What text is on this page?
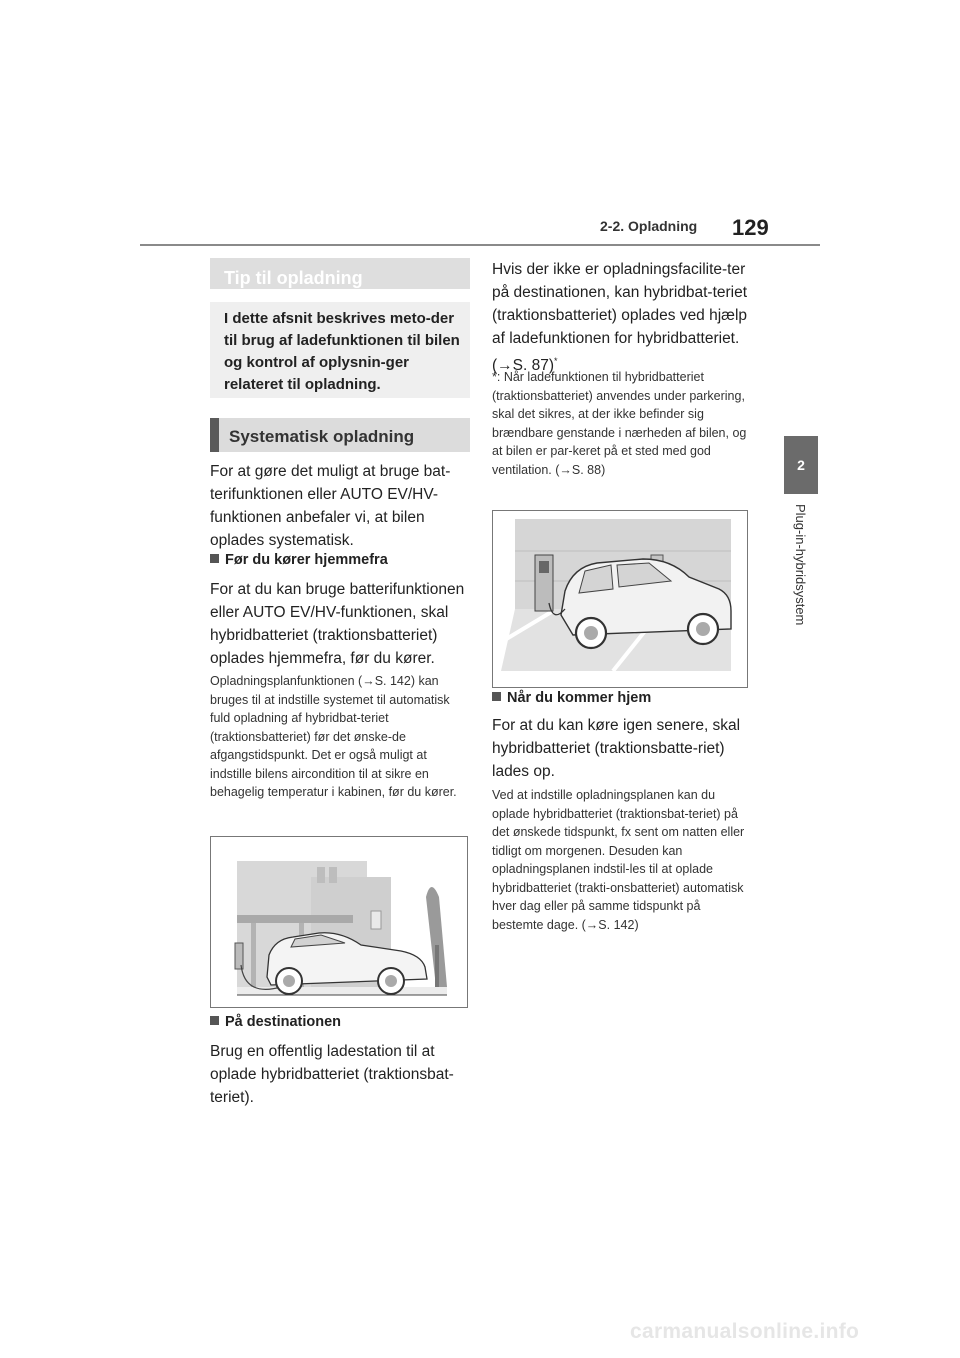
2-2. Opladning 129
2
Plug-in-hybridsystem
Tip til opladning
I dette afsnit beskrives meto-der til brug af ladefunktionen til bilen og kontrol af oplysnin-ger relateret til opladning.
Systematisk opladning
For at gøre det muligt at bruge bat-terifunktionen eller AUTO EV/HV-funktionen anbefaler vi, at bilen oplades systematisk.
Før du kører hjemmefra
For at du kan bruge batterifunktionen eller AUTO EV/HV-funktionen, skal hybridbatteriet (traktionsbatteriet) oplades hjemmefra, før du kører.
Opladningsplanfunktionen (→S. 142) kan bruges til at indstille systemet til automatisk fuld opladning af hybridbat-teriet (traktionsbatteriet) før det ønske-de afgangstidspunkt. Det er også muligt at indstille bilens aircondition til at sikre en behagelig temperatur i kabinen, før du kører.
På destinationen
Brug en offentlig ladestation til at oplade hybridbatteriet (traktionsbat-teriet).
Hvis der ikke er opladningsfacilite-ter på destinationen, kan hybridbat-teriet (traktionsbatteriet) oplades ved hjælp af ladefunktionen for hybridbatteriet. (→S. 87)*
*: Når ladefunktionen til hybridbatteriet (traktionsbatteriet) anvendes under parkering, skal det sikres, at der ikke befinder sig brændbare genstande i nærheden af bilen, og at bilen er par-keret på et sted med god ventilation. (→S. 88)
Når du kommer hjem
For at du kan køre igen senere, skal hybridbatteriet (traktionsbatte-riet) lades op.
Ved at indstille opladningsplanen kan du oplade hybridbatteriet (traktionsbat-teriet) på det ønskede tidspunkt, fx sent om natten eller tidligt om morgenen. Desuden kan opladningsplanen indstil-les til at oplade hybridbatteriet (trakti-onsbatteriet) automatisk hver dag eller på samme tidspunkt på bestemte dage. (→S. 142)
carmanualsonline.info
